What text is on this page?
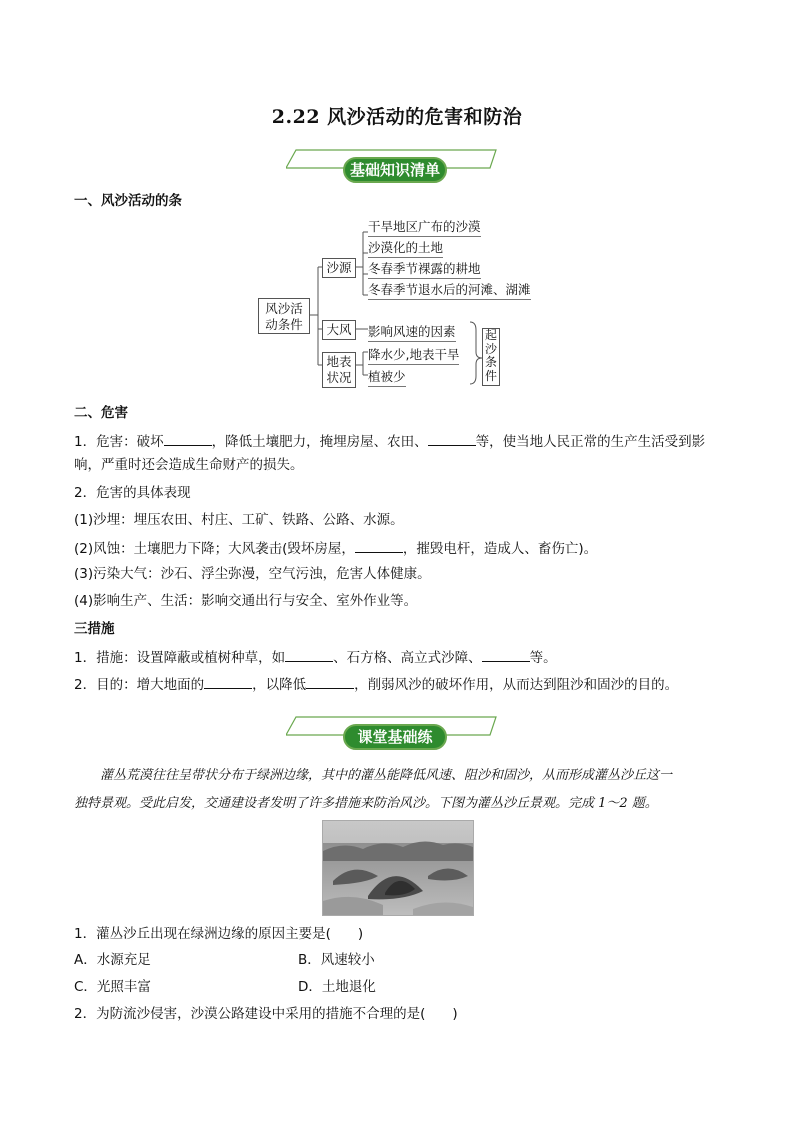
2.22 风沙活动的危害和防治
基础知识清单
一、风沙活动的条
风沙活
动条件
沙源
干旱地区广布的沙漠
沙漠化的土地
冬春季节裸露的耕地
冬春季节退水后的河滩、湖滩
大风	影响风速的因素
地表
状况
降水少,地表干旱
植被少
起
沙
条
件
二、危害
1．危害：破坏	，降低土壤肥力，掩埋房屋、农田、	等，使当地人民正常的生产生活受到影
响，严重时还会造成生命财产的损失。
2．危害的具体表现
(1)沙埋：埋压农田、村庄、工矿、铁路、公路、水源。
(2)风蚀：土壤肥力下降；大风袭击(毁坏房屋，	，摧毁电杆，造成人、畜伤亡)。
(3)污染大气：沙石、浮尘弥漫，空气污浊，危害人体健康。
(4)影响生产、生活：影响交通出行与安全、室外作业等。
三措施
1．措施：设置障蔽或植树种草，如	、石方格、高立式沙障、	等。
2．目的：增大地面的	，以降低	，削弱风沙的破坏作用，从而达到阻沙和固沙的目的。
课堂基础练
灌丛荒漠往往呈带状分布于绿洲边缘，其中的灌丛能降低风速、阻沙和固沙，从而形成灌丛沙丘这一
独特景观。受此启发，交通建设者发明了许多措施来防治风沙。下图为灌丛沙丘景观。完成 1～2 题。
1．灌丛沙丘出现在绿洲边缘的原因主要是(　　)
A．水源充足	B．风速较小
C．光照丰富	D．土地退化
2．为防流沙侵害，沙漠公路建设中采用的措施不合理的是(　　)
